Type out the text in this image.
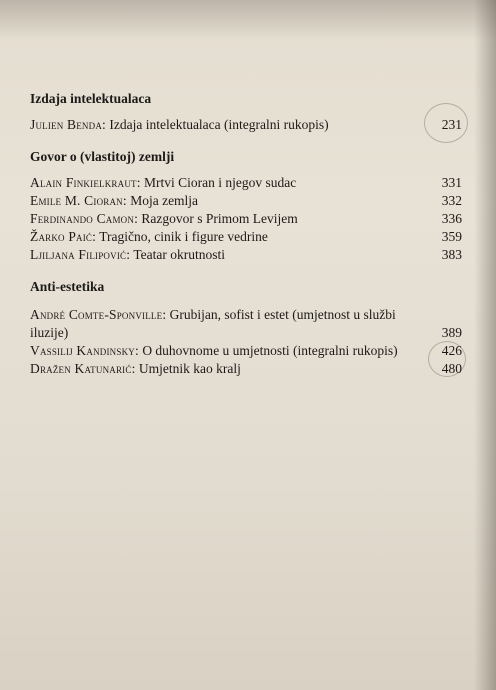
Izdaja intelektualaca
Julien Benda: Izdaja intelektualaca (integralni rukopis)	231
Govor o (vlastitoj) zemlji
Alain Finkielkraut: Mrtvi Cioran i njegov sudac	331
Emile M. Cioran: Moja zemlja	332
Ferdinando Camon: Razgovor s Primom Levijem	336
Žarko Paić: Tragično, cinik i figure vedrine	359
Ljiljana Filipović: Teatar okrutnosti	383
Anti-estetika
André Comte-Sponville: Grubijan, sofist i estet (umjetnost u službi iluzije)	389
Vassilij Kandinsky: O duhovnome u umjetnosti (integralni rukopis)	426
Dražen Katunarić: Umjetnik kao kralj	480
